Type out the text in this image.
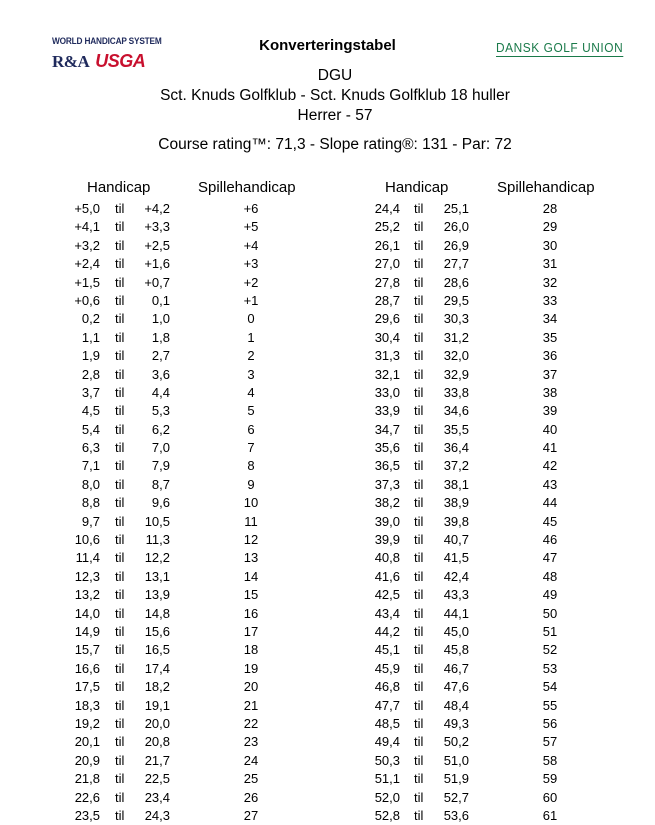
WORLD HANDICAP SYSTEM
R&A USGA
DANSK GOLF UNION
Konverteringstabel
DGU
Sct. Knuds Golfklub - Sct. Knuds Golfklub 18 huller
Herrer - 57
Course rating™: 71,3 - Slope rating®: 131 - Par: 72
Handicap	Spillehandicap	Handicap	Spillehandicap
+5,0 til +4,2	+6
+4,1 til +3,3	+5
+3,2 til +2,5	+4
+2,4 til +1,6	+3
+1,5 til +0,7	+2
+0,6 til 0,1	+1
0,2 til 1,0	0
1,1 til 1,8	1
1,9 til 2,7	2
2,8 til 3,6	3
3,7 til 4,4	4
4,5 til 5,3	5
5,4 til 6,2	6
6,3 til 7,0	7
7,1 til 7,9	8
8,0 til 8,7	9
8,8 til 9,6	10
9,7 til 10,5	11
10,6 til 11,3	12
11,4 til 12,2	13
12,3 til 13,1	14
13,2 til 13,9	15
14,0 til 14,8	16
14,9 til 15,6	17
15,7 til 16,5	18
16,6 til 17,4	19
17,5 til 18,2	20
18,3 til 19,1	21
19,2 til 20,0	22
20,1 til 20,8	23
20,9 til 21,7	24
21,8 til 22,5	25
22,6 til 23,4	26
23,5 til 24,3	27
24,4 til 25,1	28
25,2 til 26,0	29
26,1 til 26,9	30
27,0 til 27,7	31
27,8 til 28,6	32
28,7 til 29,5	33
29,6 til 30,3	34
30,4 til 31,2	35
31,3 til 32,0	36
32,1 til 32,9	37
33,0 til 33,8	38
33,9 til 34,6	39
34,7 til 35,5	40
35,6 til 36,4	41
36,5 til 37,2	42
37,3 til 38,1	43
38,2 til 38,9	44
39,0 til 39,8	45
39,9 til 40,7	46
40,8 til 41,5	47
41,6 til 42,4	48
42,5 til 43,3	49
43,4 til 44,1	50
44,2 til 45,0	51
45,1 til 45,8	52
45,9 til 46,7	53
46,8 til 47,6	54
47,7 til 48,4	55
48,5 til 49,3	56
49,4 til 50,2	57
50,3 til 51,0	58
51,1 til 51,9	59
52,0 til 52,7	60
52,8 til 53,6	61
